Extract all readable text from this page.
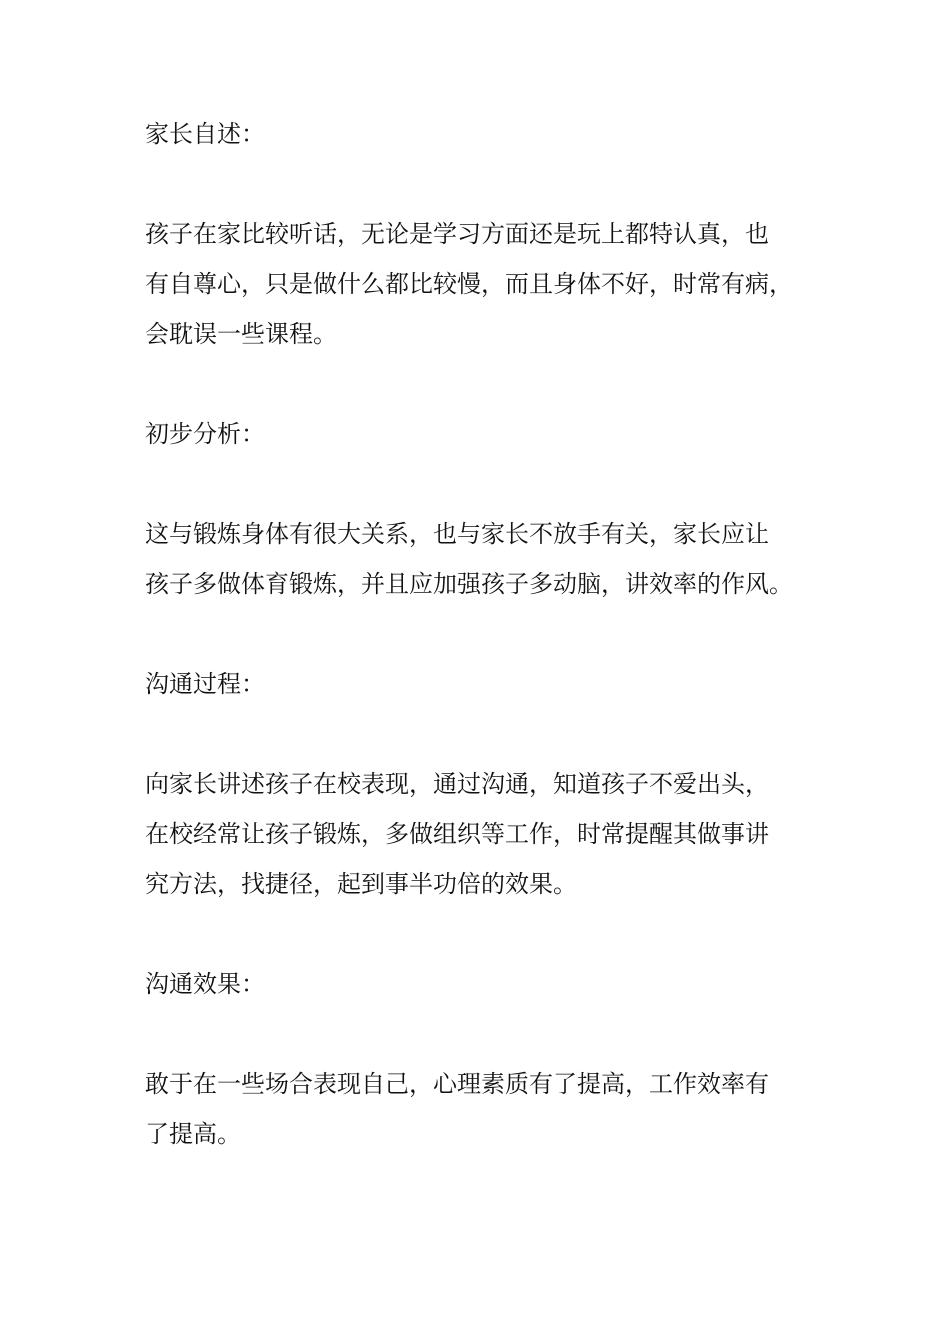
家长自述：

孩子在家比较听话，无论是学习方面还是玩上都特认真，也

有自尊心，只是做什么都比较慢，而且身体不好，时常有病，

会耽误一些课程。

初步分析：

这与锻炼身体有很大关系，也与家长不放手有关，家长应让

孩子多做体育锻炼，并且应加强孩子多动脑，讲效率的作风。

沟通过程：

向家长讲述孩子在校表现，通过沟通，知道孩子不爱出头，

在校经常让孩子锻炼，多做组织等工作，时常提醒其做事讲

究方法，找捷径，起到事半功倍的效果。

沟通效果：

敢于在一些场合表现自己，心理素质有了提高，工作效率有

了提高。
